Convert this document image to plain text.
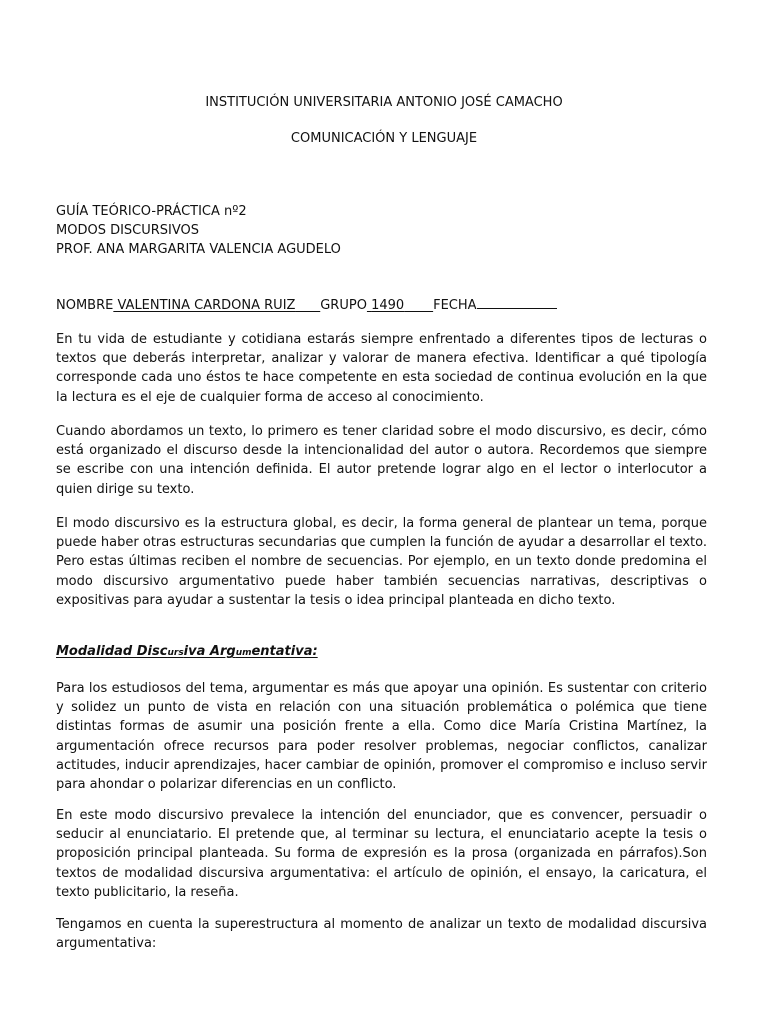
INSTITUCIÓN UNIVERSITARIA ANTONIO JOSÉ CAMACHO
COMUNICACIÓN Y LENGUAJE
GUÍA TEÓRICO-PRÁCTICA nº2
MODOS DISCURSIVOS
PROF. ANA MARGARITA VALENCIA AGUDELO
NOMBRE VALENTINA CARDONA RUIZ GRUPO 1490 FECHA
En tu vida de estudiante y cotidiana estarás siempre enfrentado a diferentes tipos de lecturas o textos que deberás interpretar, analizar y valorar de manera efectiva. Identificar a qué tipología corresponde cada uno éstos te hace competente en esta sociedad de continua evolución en la que la lectura es el eje de cualquier forma de acceso al conocimiento.
Cuando abordamos un texto, lo primero es tener claridad sobre el modo discursivo, es decir, cómo está organizado el discurso desde la intencionalidad del autor o autora. Recordemos que siempre se escribe con una intención definida. El autor pretende lograr algo en el lector o interlocutor a quien dirige su texto.
El modo discursivo es la estructura global, es decir, la forma general de plantear un tema, porque puede haber otras estructuras secundarias que cumplen la función de ayudar a desarrollar el texto. Pero estas últimas reciben el nombre de secuencias. Por ejemplo, en un texto donde predomina el modo discursivo argumentativo puede haber también secuencias narrativas, descriptivas o expositivas para ayudar a sustentar la tesis o idea principal planteada en dicho texto.
Modalidad Discursiva Argumentativa:
Para los estudiosos del tema, argumentar es más que apoyar una opinión. Es sustentar con criterio y solidez un punto de vista en relación con una situación problemática o polémica que tiene distintas formas de asumir una posición frente a ella. Como dice María Cristina Martínez, la argumentación ofrece recursos para poder resolver problemas, negociar conflictos, canalizar actitudes, inducir aprendizajes, hacer cambiar de opinión, promover el compromiso e incluso servir para ahondar o polarizar diferencias en un conflicto.
En este modo discursivo prevalece la intención del enunciador, que es convencer, persuadir o seducir al enunciatario. El pretende que, al terminar su lectura, el enunciatario acepte la tesis o proposición principal planteada. Su forma de expresión es la prosa (organizada en párrafos).Son textos de modalidad discursiva argumentativa: el artículo de opinión, el ensayo, la caricatura, el texto publicitario, la reseña.
Tengamos en cuenta la superestructura al momento de analizar un texto de modalidad discursiva argumentativa:
